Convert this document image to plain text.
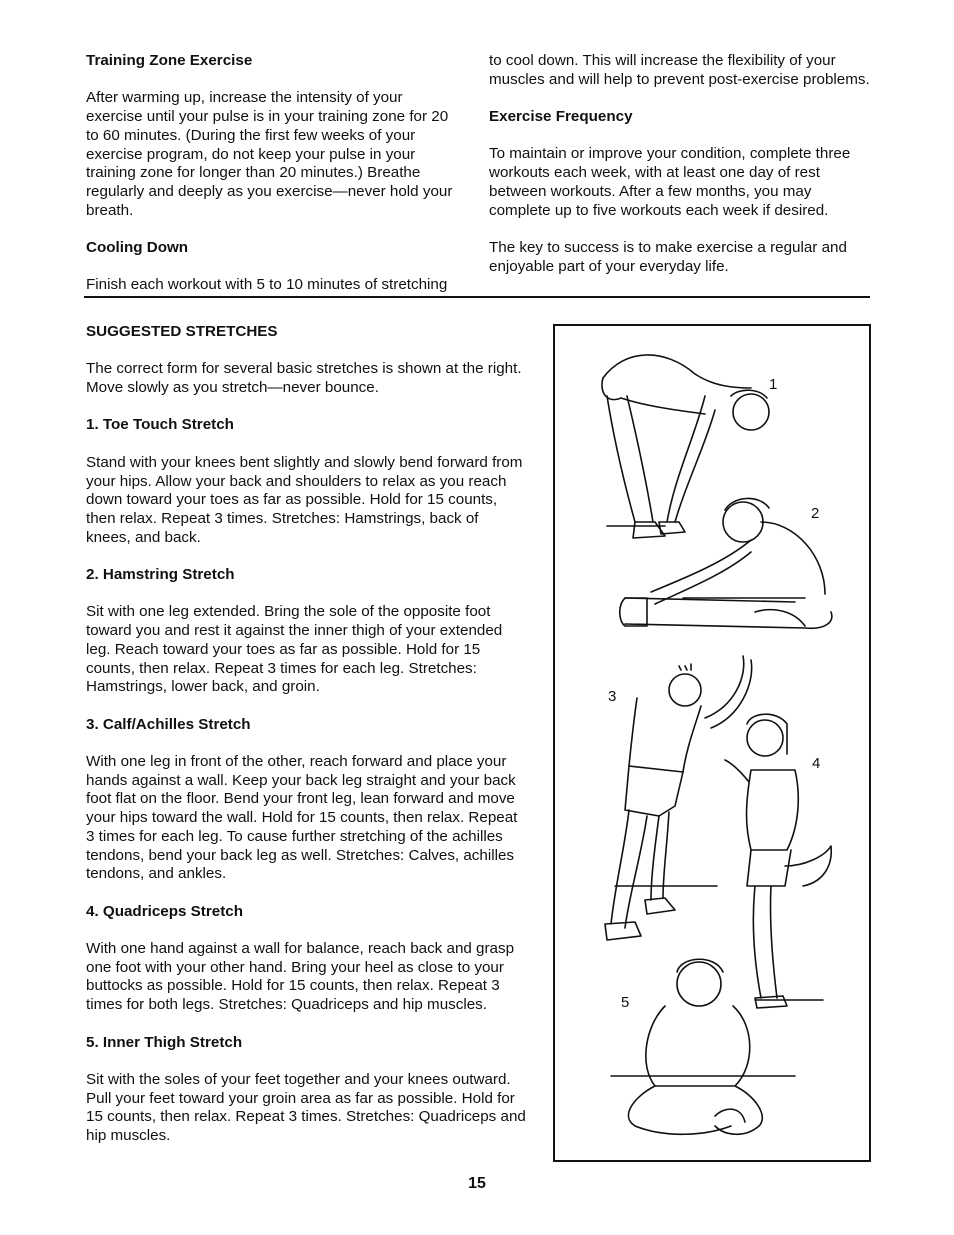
Training Zone Exercise

After warming up, increase the intensity of your exercise until your pulse is in your training zone for 20 to 60 minutes. (During the first few weeks of your exercise program, do not keep your pulse in your training zone for longer than 20 minutes.) Breathe regularly and deeply as you exercise—never hold your breath.

Cooling Down

Finish each workout with 5 to 10 minutes of stretching

to cool down. This will increase the flexibility of your muscles and will help to prevent post-exercise problems.

Exercise Frequency

To maintain or improve your condition, complete three workouts each week, with at least one day of rest between workouts. After a few months, you may complete up to five workouts each week if desired.

The key to success is to make exercise a regular and enjoyable part of your everyday life.

SUGGESTED STRETCHES

The correct form for several basic stretches is shown at the right. Move slowly as you stretch—never bounce.

1. Toe Touch Stretch

Stand with your knees bent slightly and slowly bend forward from your hips. Allow your back and shoulders to relax as you reach down toward your toes as far as possible. Hold for 15 counts, then relax. Repeat 3 times. Stretches: Hamstrings, back of knees, and back.

2. Hamstring Stretch

Sit with one leg extended. Bring the sole of the opposite foot toward you and rest it against the inner thigh of your extended leg. Reach toward your toes as far as possible. Hold for 15 counts, then relax. Repeat 3 times for each leg. Stretches: Hamstrings, lower back, and groin.

3. Calf/Achilles Stretch

With one leg in front of the other, reach forward and place your hands against a wall. Keep your back leg straight and your back foot flat on the floor. Bend your front leg, lean forward and move your hips toward the wall. Hold for 15 counts, then relax. Repeat 3 times for each leg. To cause further stretching of the achilles tendons, bend your back leg as well. Stretches: Calves, achilles tendons, and ankles.

4. Quadriceps Stretch

With one hand against a wall for balance, reach back and grasp one foot with your other hand. Bring your heel as close to your buttocks as possible. Hold for 15 counts, then relax. Repeat 3 times for both legs. Stretches: Quadriceps and hip muscles.

5. Inner Thigh Stretch

Sit with the soles of your feet together and your knees outward. Pull your feet toward your groin area as far as possible. Hold for 15 counts, then relax. Repeat 3 times. Stretches: Quadriceps and hip muscles.

1
2
3
4
5
15
